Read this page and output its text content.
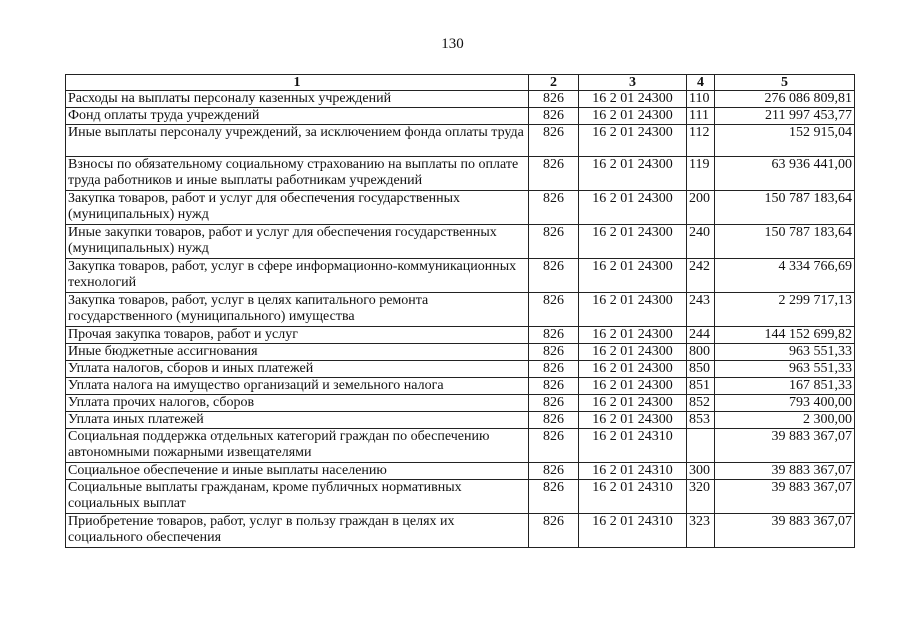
130
1	2	3	4	5
Расходы на выплаты персоналу казенных учреждений	826	16 2 01 24300	110	276 086 809,81
Фонд оплаты труда учреждений	826	16 2 01 24300	111	211 997 453,77
Иные выплаты персоналу учреждений, за исключением фонда оплаты труда	826	16 2 01 24300	112	152 915,04
Взносы по обязательному социальному страхованию на выплаты по оплате труда работников и иные выплаты работникам учреждений	826	16 2 01 24300	119	63 936 441,00
Закупка товаров, работ и услуг для обеспечения государственных (муниципальных) нужд	826	16 2 01 24300	200	150 787 183,64
Иные закупки товаров, работ и услуг для обеспечения государственных (муниципальных) нужд	826	16 2 01 24300	240	150 787 183,64
Закупка товаров, работ, услуг в сфере информационно-коммуникационных технологий	826	16 2 01 24300	242	4 334 766,69
Закупка товаров, работ, услуг в целях капитального ремонта государственного (муниципального) имущества	826	16 2 01 24300	243	2 299 717,13
Прочая закупка товаров, работ и услуг	826	16 2 01 24300	244	144 152 699,82
Иные бюджетные ассигнования	826	16 2 01 24300	800	963 551,33
Уплата налогов, сборов и иных платежей	826	16 2 01 24300	850	963 551,33
Уплата налога на имущество организаций и земельного налога	826	16 2 01 24300	851	167 851,33
Уплата прочих налогов, сборов	826	16 2 01 24300	852	793 400,00
Уплата иных платежей	826	16 2 01 24300	853	2 300,00
Социальная поддержка отдельных категорий граждан по обеспечению автономными пожарными извещателями	826	16 2 01 24310		39 883 367,07
Социальное обеспечение и иные выплаты населению	826	16 2 01 24310	300	39 883 367,07
Социальные выплаты гражданам, кроме публичных нормативных социальных выплат	826	16 2 01 24310	320	39 883 367,07
Приобретение товаров, работ, услуг в пользу граждан в целях их социального обеспечения	826	16 2 01 24310	323	39 883 367,07
